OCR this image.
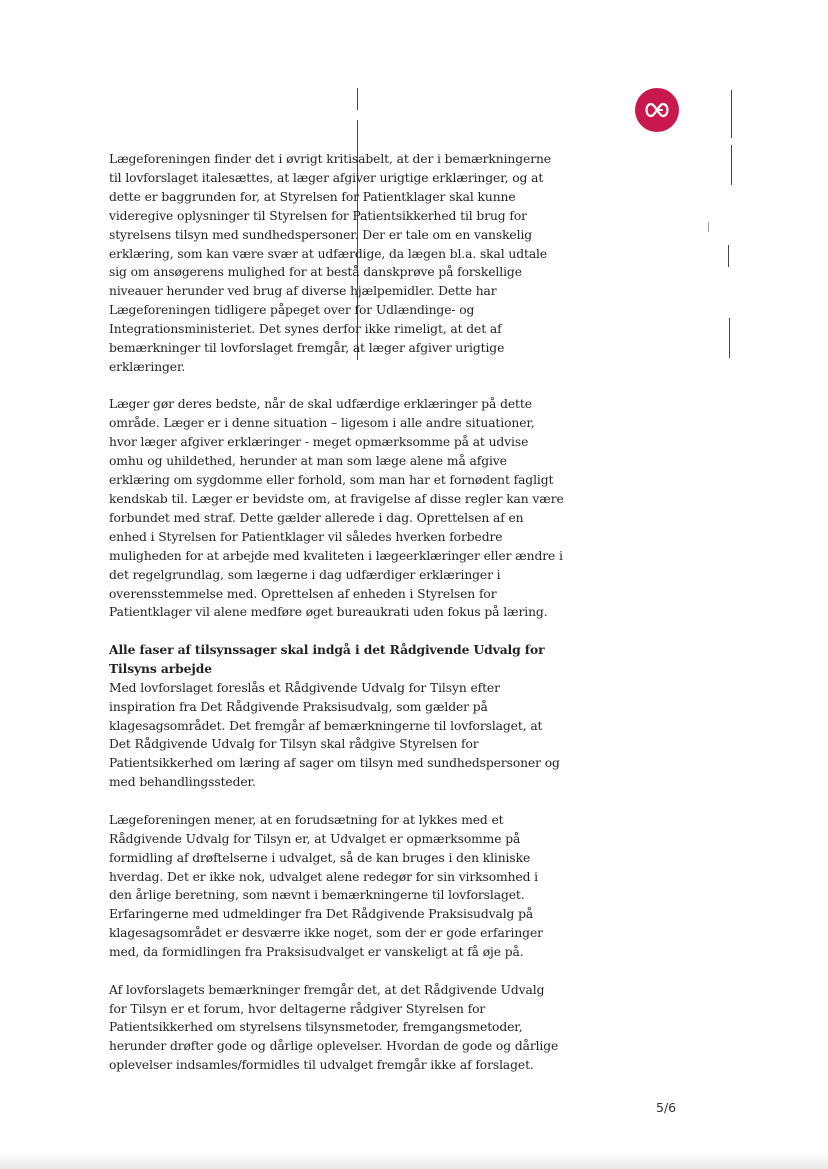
Lægeforeningen finder det i øvrigt kritisabelt, at der i bemærkningerne til lovforslaget italesættes, at læger afgiver urigtige erklæringer, og at dette er baggrunden for, at Styrelsen for Patientklager skal kunne videregive oplysninger til Styrelsen for Patientsikkerhed til brug for styrelsens tilsyn med sundhedspersoner. Der er tale om en vanskelig erklæring, som kan være svær at udfærdige, da lægen bl.a. skal udtale sig om ansøgerens mulighed for at bestå danskprøve på forskellige niveauer herunder ved brug af diverse hjælpemidler. Dette har Lægeforeningen tidligere påpeget over for Udlændinge- og Integrationsministeriet. Det synes derfor ikke rimeligt, at det af bemærkninger til lovforslaget fremgår, at læger afgiver urigtige erklæringer.

Læger gør deres bedste, når de skal udfærdige erklæringer på dette område. Læger er i denne situation – ligesom i alle andre situationer, hvor læger afgiver erklæringer - meget opmærksomme på at udvise omhu og uhildethed, herunder at man som læge alene må afgive erklæring om sygdomme eller forhold, som man har et fornødent fagligt kendskab til. Læger er bevidste om, at fravigelse af disse regler kan være forbundet med straf. Dette gælder allerede i dag. Oprettelsen af en enhed i Styrelsen for Patientklager vil således hverken forbedre muligheden for at arbejde med kvaliteten i lægeerklæringer eller ændre i det regelgrundlag, som lægerne i dag udfærdiger erklæringer i overensstemmelse med. Oprettelsen af enheden i Styrelsen for Patientklager vil alene medføre øget bureaukrati uden fokus på læring.

Alle faser af tilsynssager skal indgå i det Rådgivende Udvalg for Tilsyns arbejde

Med lovforslaget foreslås et Rådgivende Udvalg for Tilsyn efter inspiration fra Det Rådgivende Praksisudvalg, som gælder på klagesagsområdet. Det fremgår af bemærkningerne til lovforslaget, at Det Rådgivende Udvalg for Tilsyn skal rådgive Styrelsen for Patientsikkerhed om læring af sager om tilsyn med sundhedspersoner og med behandlingssteder.

Lægeforeningen mener, at en forudsætning for at lykkes med et Rådgivende Udvalg for Tilsyn er, at Udvalget er opmærksomme på formidling af drøftelserne i udvalget, så de kan bruges i den kliniske hverdag. Det er ikke nok, udvalget alene redegør for sin virksomhed i den årlige beretning, som nævnt i bemærkningerne til lovforslaget. Erfaringerne med udmeldinger fra Det Rådgivende Praksisudvalg på klagesagsområdet er desværre ikke noget, som der er gode erfaringer med, da formidlingen fra Praksisudvalget er vanskeligt at få øje på.

Af lovforslagets bemærkninger fremgår det, at det Rådgivende Udvalg for Tilsyn er et forum, hvor deltagerne rådgiver Styrelsen for Patientsikkerhed om styrelsens tilsynsmetoder, fremgangsmetoder, herunder drøfter gode og dårlige oplevelser. Hvordan de gode og dårlige oplevelser indsamles/formidles til udvalget fremgår ikke af forslaget.

5/6
